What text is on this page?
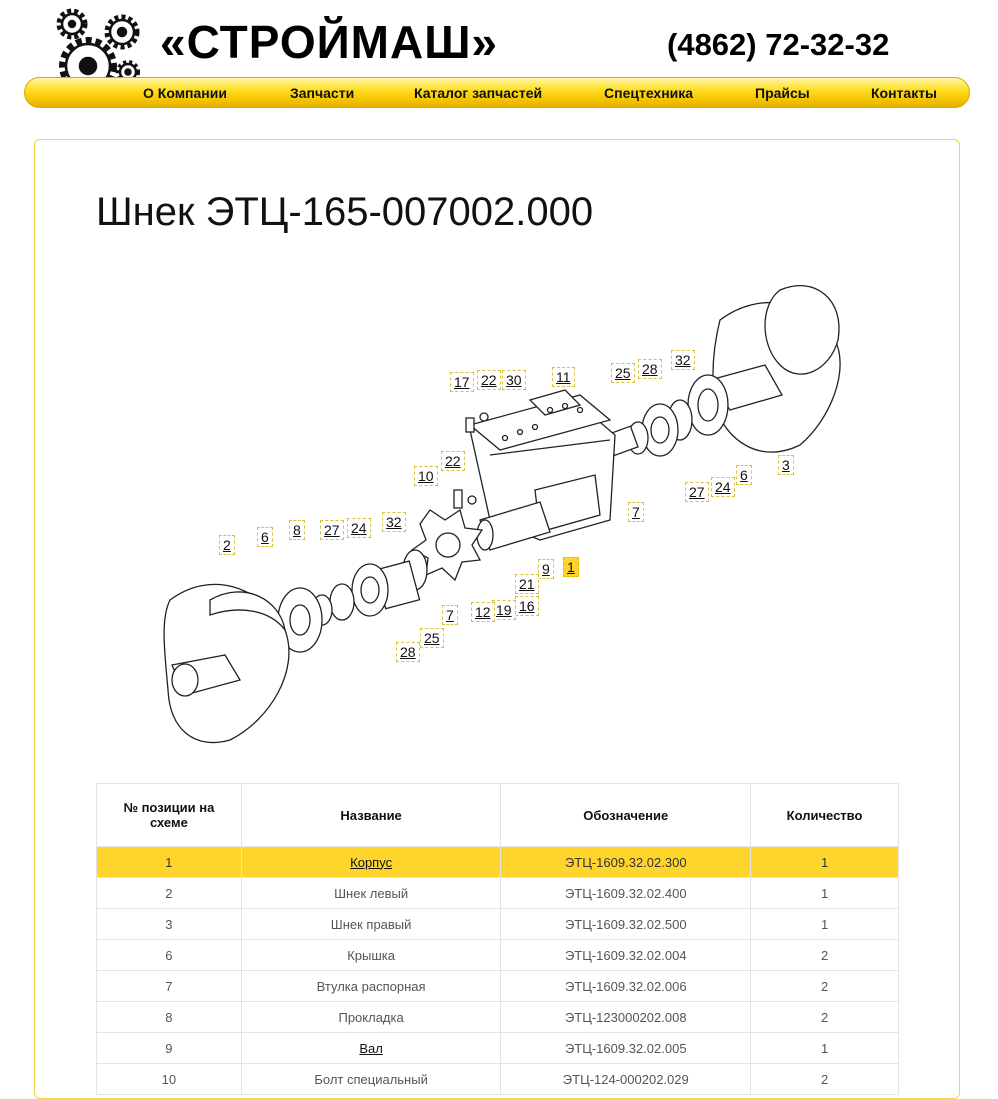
«СТРОЙМАШ»	(4862) 72-32-32
О Компании	Запчасти	Каталог запчастей	Спецтехника	Прайсы	Контакты
Шнек ЭТЦ-165-007002.000
17 22 30 11	25 28
32
10
22	3
6
24
27
7
2 6 8 27 24 32
9 1
21
16
19
12
7
25
28
№ позиции на схеме	Название	Обозначение	Количество
1	Корпус	ЭТЦ-1609.32.02.300	1
2	Шнек левый	ЭТЦ-1609.32.02.400	1
3	Шнек правый	ЭТЦ-1609.32.02.500	1
6	Крышка	ЭТЦ-1609.32.02.004	2
7	Втулка распорная	ЭТЦ-1609.32.02.006	2
8	Прокладка	ЭТЦ-123000202.008	2
9	Вал	ЭТЦ-1609.32.02.005	1
10	Болт специальный	ЭТЦ-124-000202.029	2
